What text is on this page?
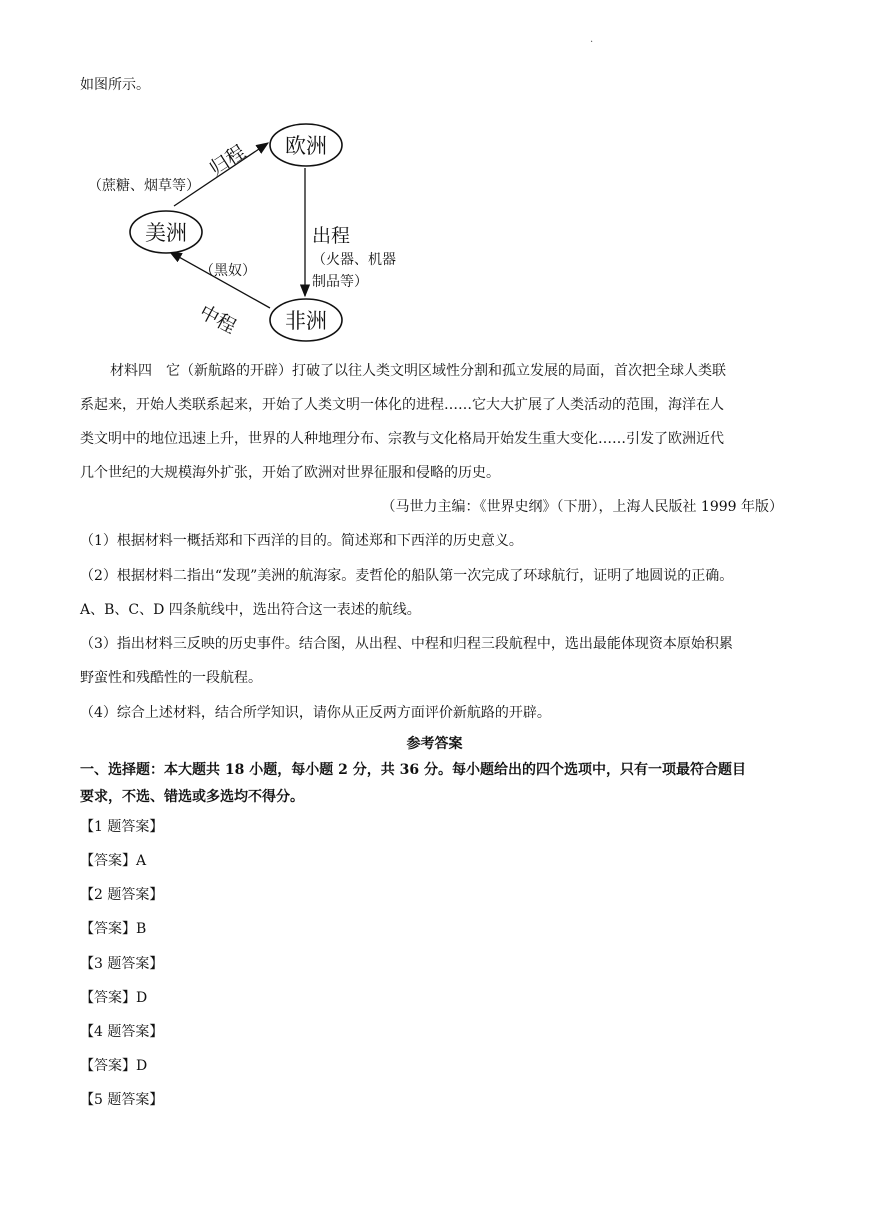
.
如图所示。
欧洲
美洲
非洲
（蔗糖、烟草等）
归程
出程
（火器、机器
制品等）
（黑奴）
中程
材料四　它（新航路的开辟）打破了以往人类文明区域性分割和孤立发展的局面，首次把全球人类联
系起来，开始人类联系起来，开始了人类文明一体化的进程……它大大扩展了人类活动的范围，海洋在人
类文明中的地位迅速上升，世界的人种地理分布、宗教与文化格局开始发生重大变化……引发了欧洲近代
几个世纪的大规模海外扩张，开始了欧洲对世界征服和侵略的历史。
（马世力主编：《世界史纲》（下册），上海人民版社 1999 年版）
（1）根据材料一概括郑和下西洋的目的。简述郑和下西洋的历史意义。
（2）根据材料二指出“发现”美洲的航海家。麦哲伦的船队第一次完成了环球航行，证明了地圆说的正确。
A、B、C、D 四条航线中，选出符合这一表述的航线。
（3）指出材料三反映的历史事件。结合图，从出程、中程和归程三段航程中，选出最能体现资本原始积累
野蛮性和残酷性的一段航程。
（4）综合上述材料，结合所学知识，请你从正反两方面评价新航路的开辟。
参考答案
一、选择题：本大题共 18 小题，每小题 2 分，共 36 分。每小题给出的四个选项中，只有一项最符合题目
要求，不选、错选或多选均不得分。
【1 题答案】
【答案】A
【2 题答案】
【答案】B
【3 题答案】
【答案】D
【4 题答案】
【答案】D
【5 题答案】
